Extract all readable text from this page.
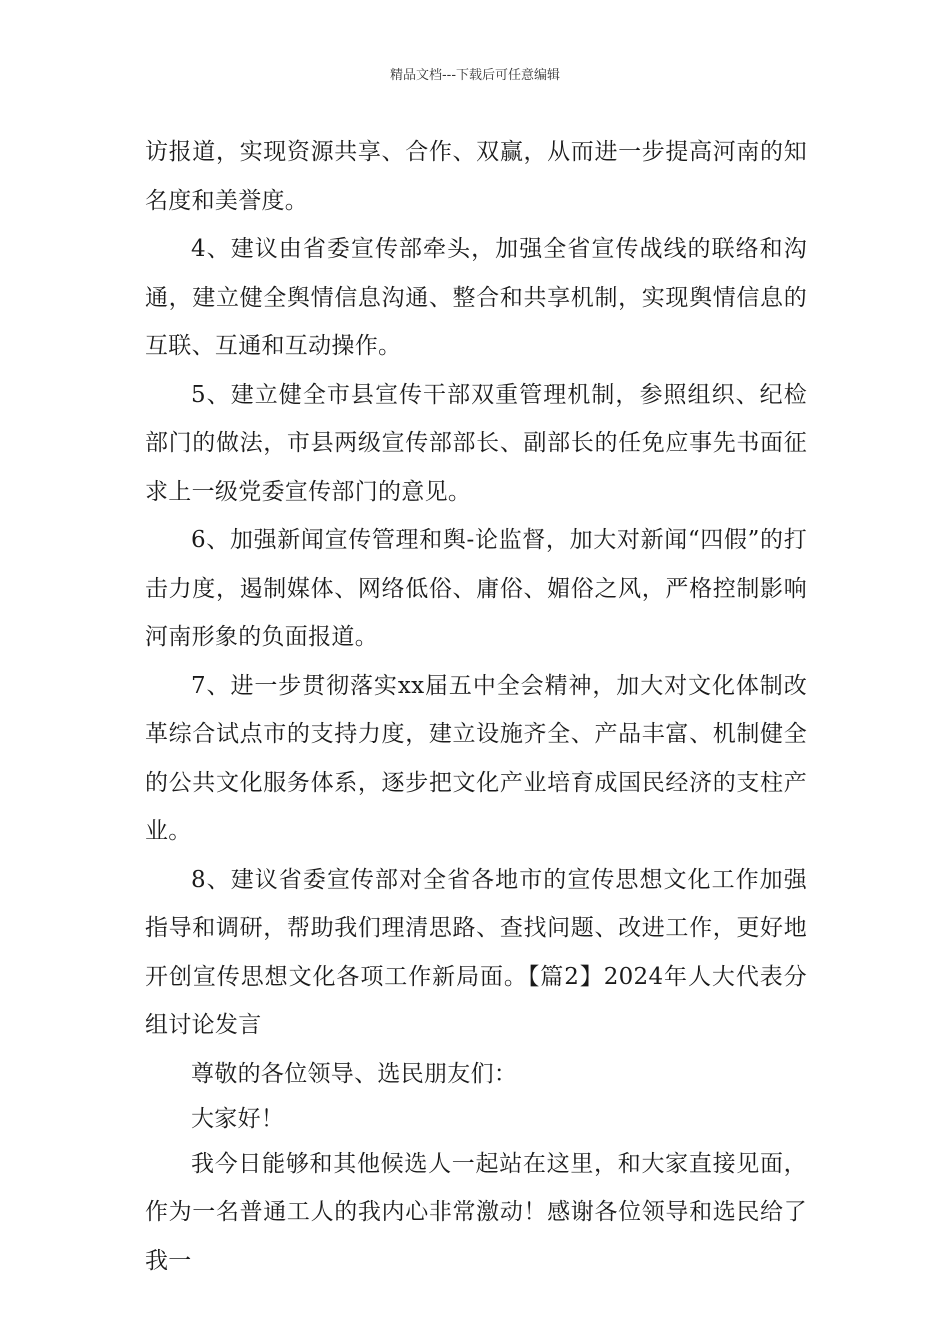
精品文档---下载后可任意编辑

访报道，实现资源共享、合作、双赢，从而进一步提高河南的知名度和美誉度。

4、建议由省委宣传部牵头，加强全省宣传战线的联络和沟通，建立健全舆情信息沟通、整合和共享机制，实现舆情信息的互联、互通和互动操作。

5、建立健全市县宣传干部双重管理机制，参照组织、纪检部门的做法，市县两级宣传部部长、副部长的任免应事先书面征求上一级党委宣传部门的意见。

6、加强新闻宣传管理和舆-论监督，加大对新闻“四假”的打击力度，遏制媒体、网络低俗、庸俗、媚俗之风，严格控制影响河南形象的负面报道。

7、进一步贯彻落实xx届五中全会精神，加大对文化体制改革综合试点市的支持力度，建立设施齐全、产品丰富、机制健全的公共文化服务体系，逐步把文化产业培育成国民经济的支柱产业。

8、建议省委宣传部对全省各地市的宣传思想文化工作加强指导和调研，帮助我们理清思路、查找问题、改进工作，更好地开创宣传思想文化各项工作新局面。【篇2】2024年人大代表分组讨论发言

尊敬的各位领导、选民朋友们：

大家好！

我今日能够和其他候选人一起站在这里，和大家直接见面，作为一名普通工人的我内心非常激动！感谢各位领导和选民给了我一
